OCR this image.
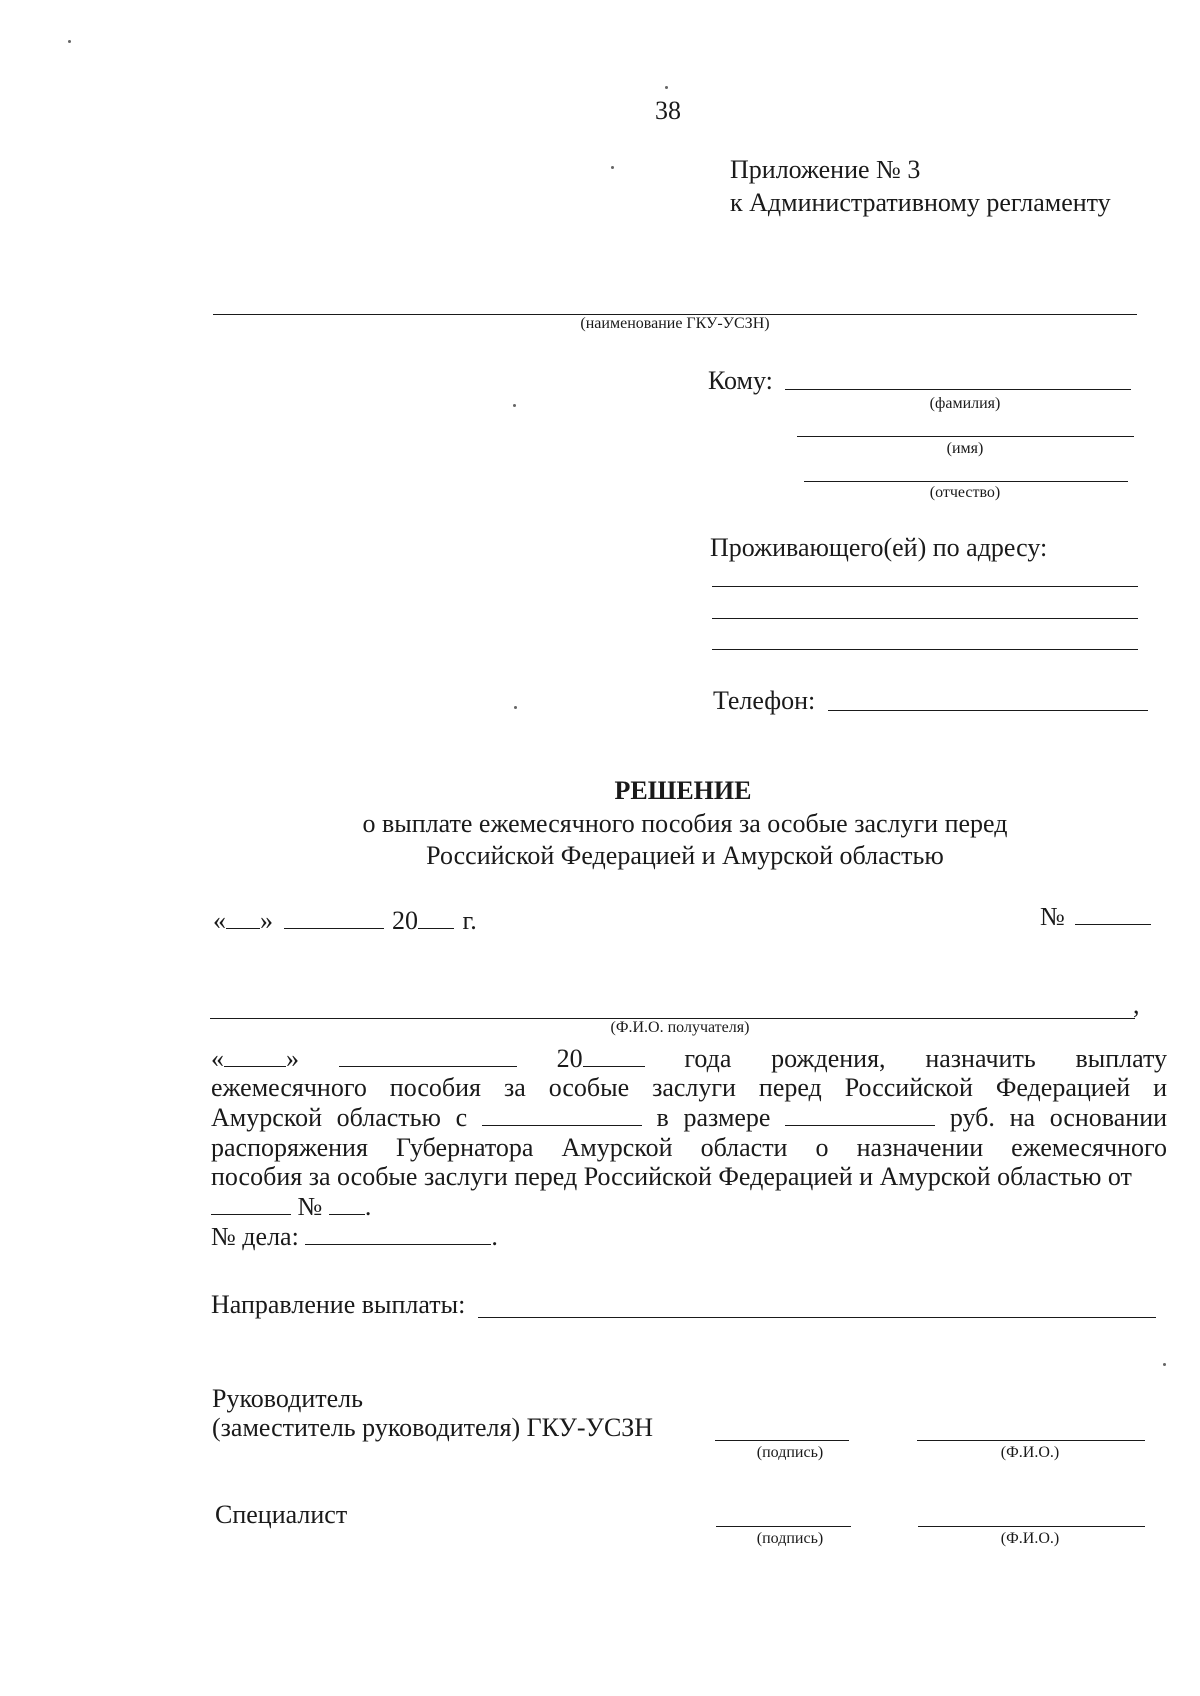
38
Приложение № 3
к Административному регламенту
(наименование ГКУ-УСЗН)
Кому:
(фамилия)
(имя)
(отчество)
Проживающего(ей) по адресу:
Телефон:
РЕШЕНИЕ
о выплате ежемесячного пособия за особые заслуги перед
Российской Федерацией и Амурской областью
« »	20 г.	№
,
(Ф.И.О. получателя)
« »	20	года рождения, назначить выплату
ежемесячного пособия за особые заслуги перед Российской Федерацией и
Амурской областью с	в размере	руб. на основании
распоряжения Губернатора Амурской области о назначении ежемесячного
пособия за особые заслуги перед Российской Федерацией и Амурской областью от
№ .
№ дела:	.
Направление выплаты:
Руководитель
(заместитель руководителя) ГКУ-УСЗН
(подпись)	(Ф.И.О.)
Специалист
(подпись)	(Ф.И.О.)
